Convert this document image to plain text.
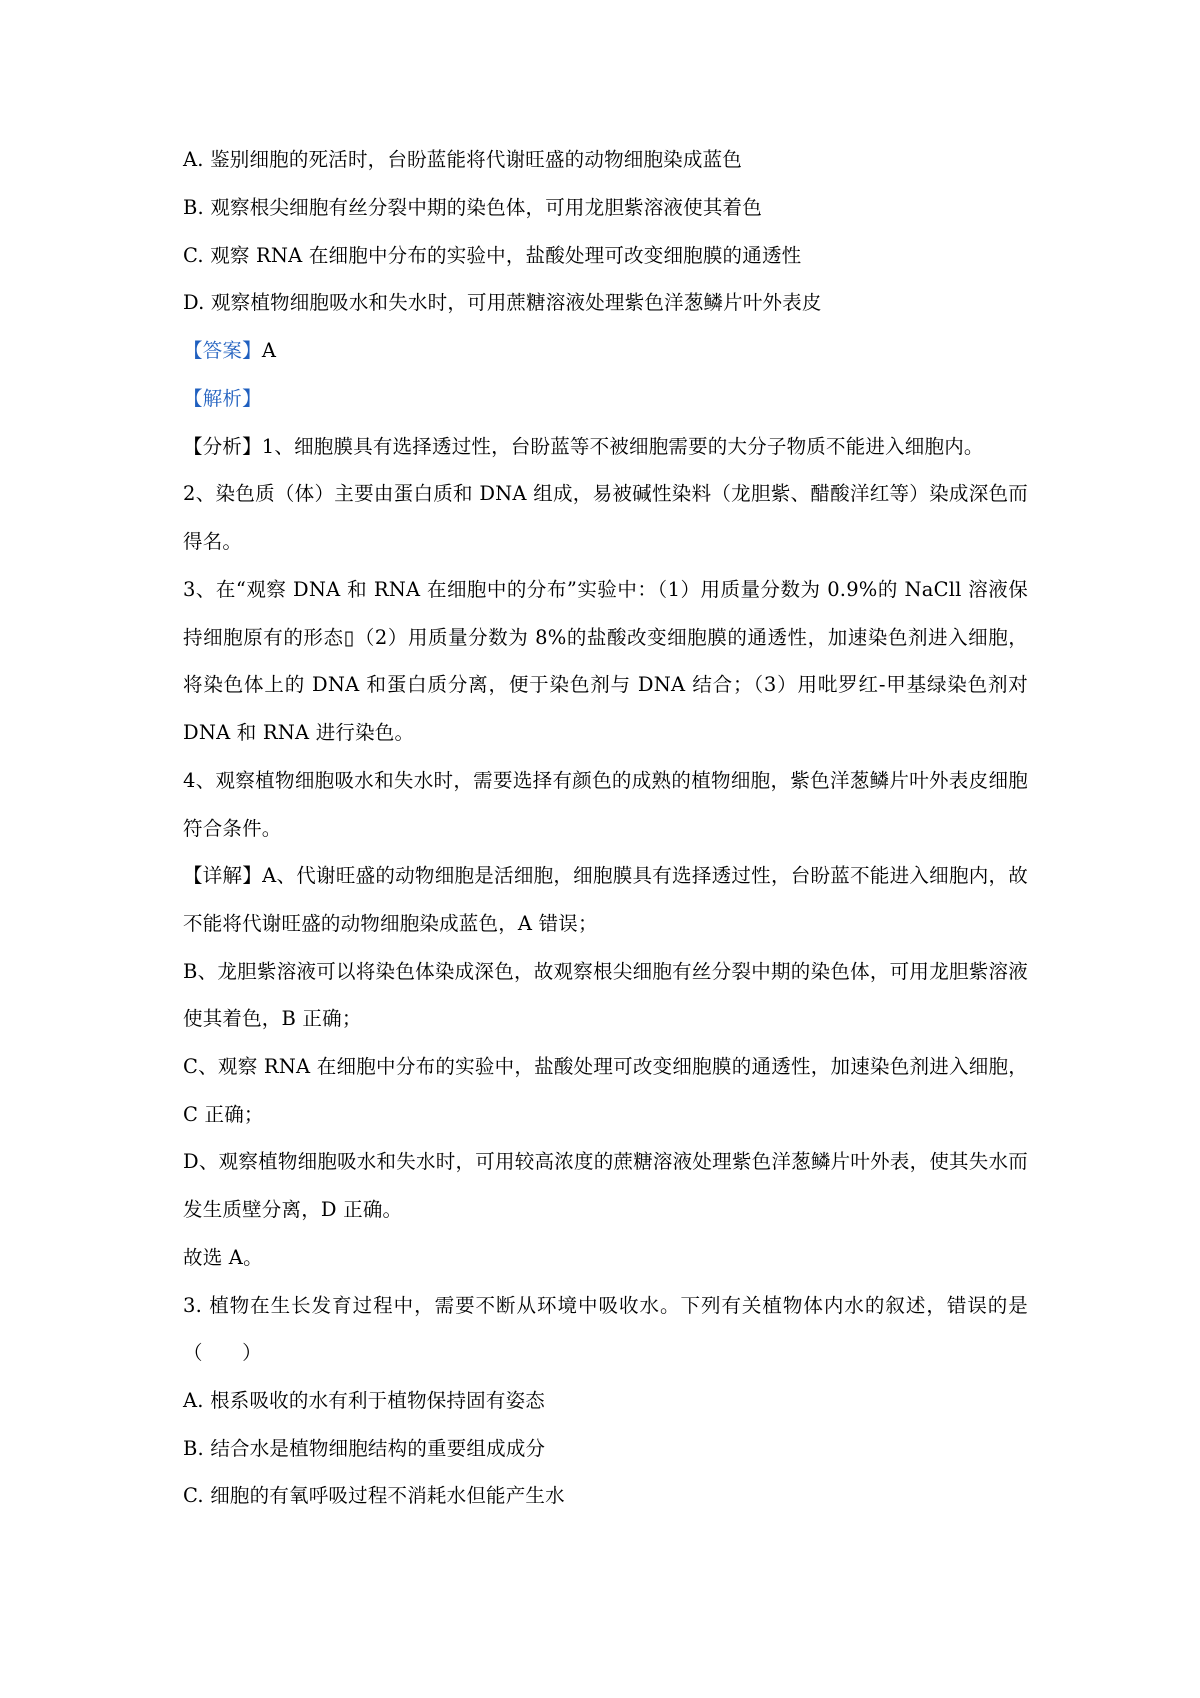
A. 鉴别细胞的死活时，台盼蓝能将代谢旺盛的动物细胞染成蓝色
B. 观察根尖细胞有丝分裂中期的染色体，可用龙胆紫溶液使其着色
C. 观察 RNA 在细胞中分布的实验中，盐酸处理可改变细胞膜的通透性
D. 观察植物细胞吸水和失水时，可用蔗糖溶液处理紫色洋葱鳞片叶外表皮
【答案】A
【解析】
【分析】1、细胞膜具有选择透过性，台盼蓝等不被细胞需要的大分子物质不能进入细胞内。
2、染色质（体）主要由蛋白质和 DNA 组成，易被碱性染料（龙胆紫、醋酸洋红等）染成深色而得名。
3、在“观察 DNA 和 RNA 在细胞中的分布”实验中：（1）用质量分数为 0.9%的 NaCll 溶液保持细胞原有的形态▯（2）用质量分数为 8%的盐酸改变细胞膜的通透性，加速染色剂进入细胞，将染色体上的 DNA 和蛋白质分离，便于染色剂与 DNA 结合；（3）用吡罗红-甲基绿染色剂对 DNA 和 RNA 进行染色。
4、观察植物细胞吸水和失水时，需要选择有颜色的成熟的植物细胞，紫色洋葱鳞片叶外表皮细胞符合条件。
【详解】A、代谢旺盛的动物细胞是活细胞，细胞膜具有选择透过性，台盼蓝不能进入细胞内，故不能将代谢旺盛的动物细胞染成蓝色，A 错误；
B、龙胆紫溶液可以将染色体染成深色，故观察根尖细胞有丝分裂中期的染色体，可用龙胆紫溶液使其着色，B 正确；
C、观察 RNA 在细胞中分布的实验中，盐酸处理可改变细胞膜的通透性，加速染色剂进入细胞，C 正确；
D、观察植物细胞吸水和失水时，可用较高浓度的蔗糖溶液处理紫色洋葱鳞片叶外表，使其失水而发生质壁分离，D 正确。
故选 A。
3. 植物在生长发育过程中，需要不断从环境中吸收水。下列有关植物体内水的叙述，错误的是（　　）
A. 根系吸收的水有利于植物保持固有姿态
B. 结合水是植物细胞结构的重要组成成分
C. 细胞的有氧呼吸过程不消耗水但能产生水
